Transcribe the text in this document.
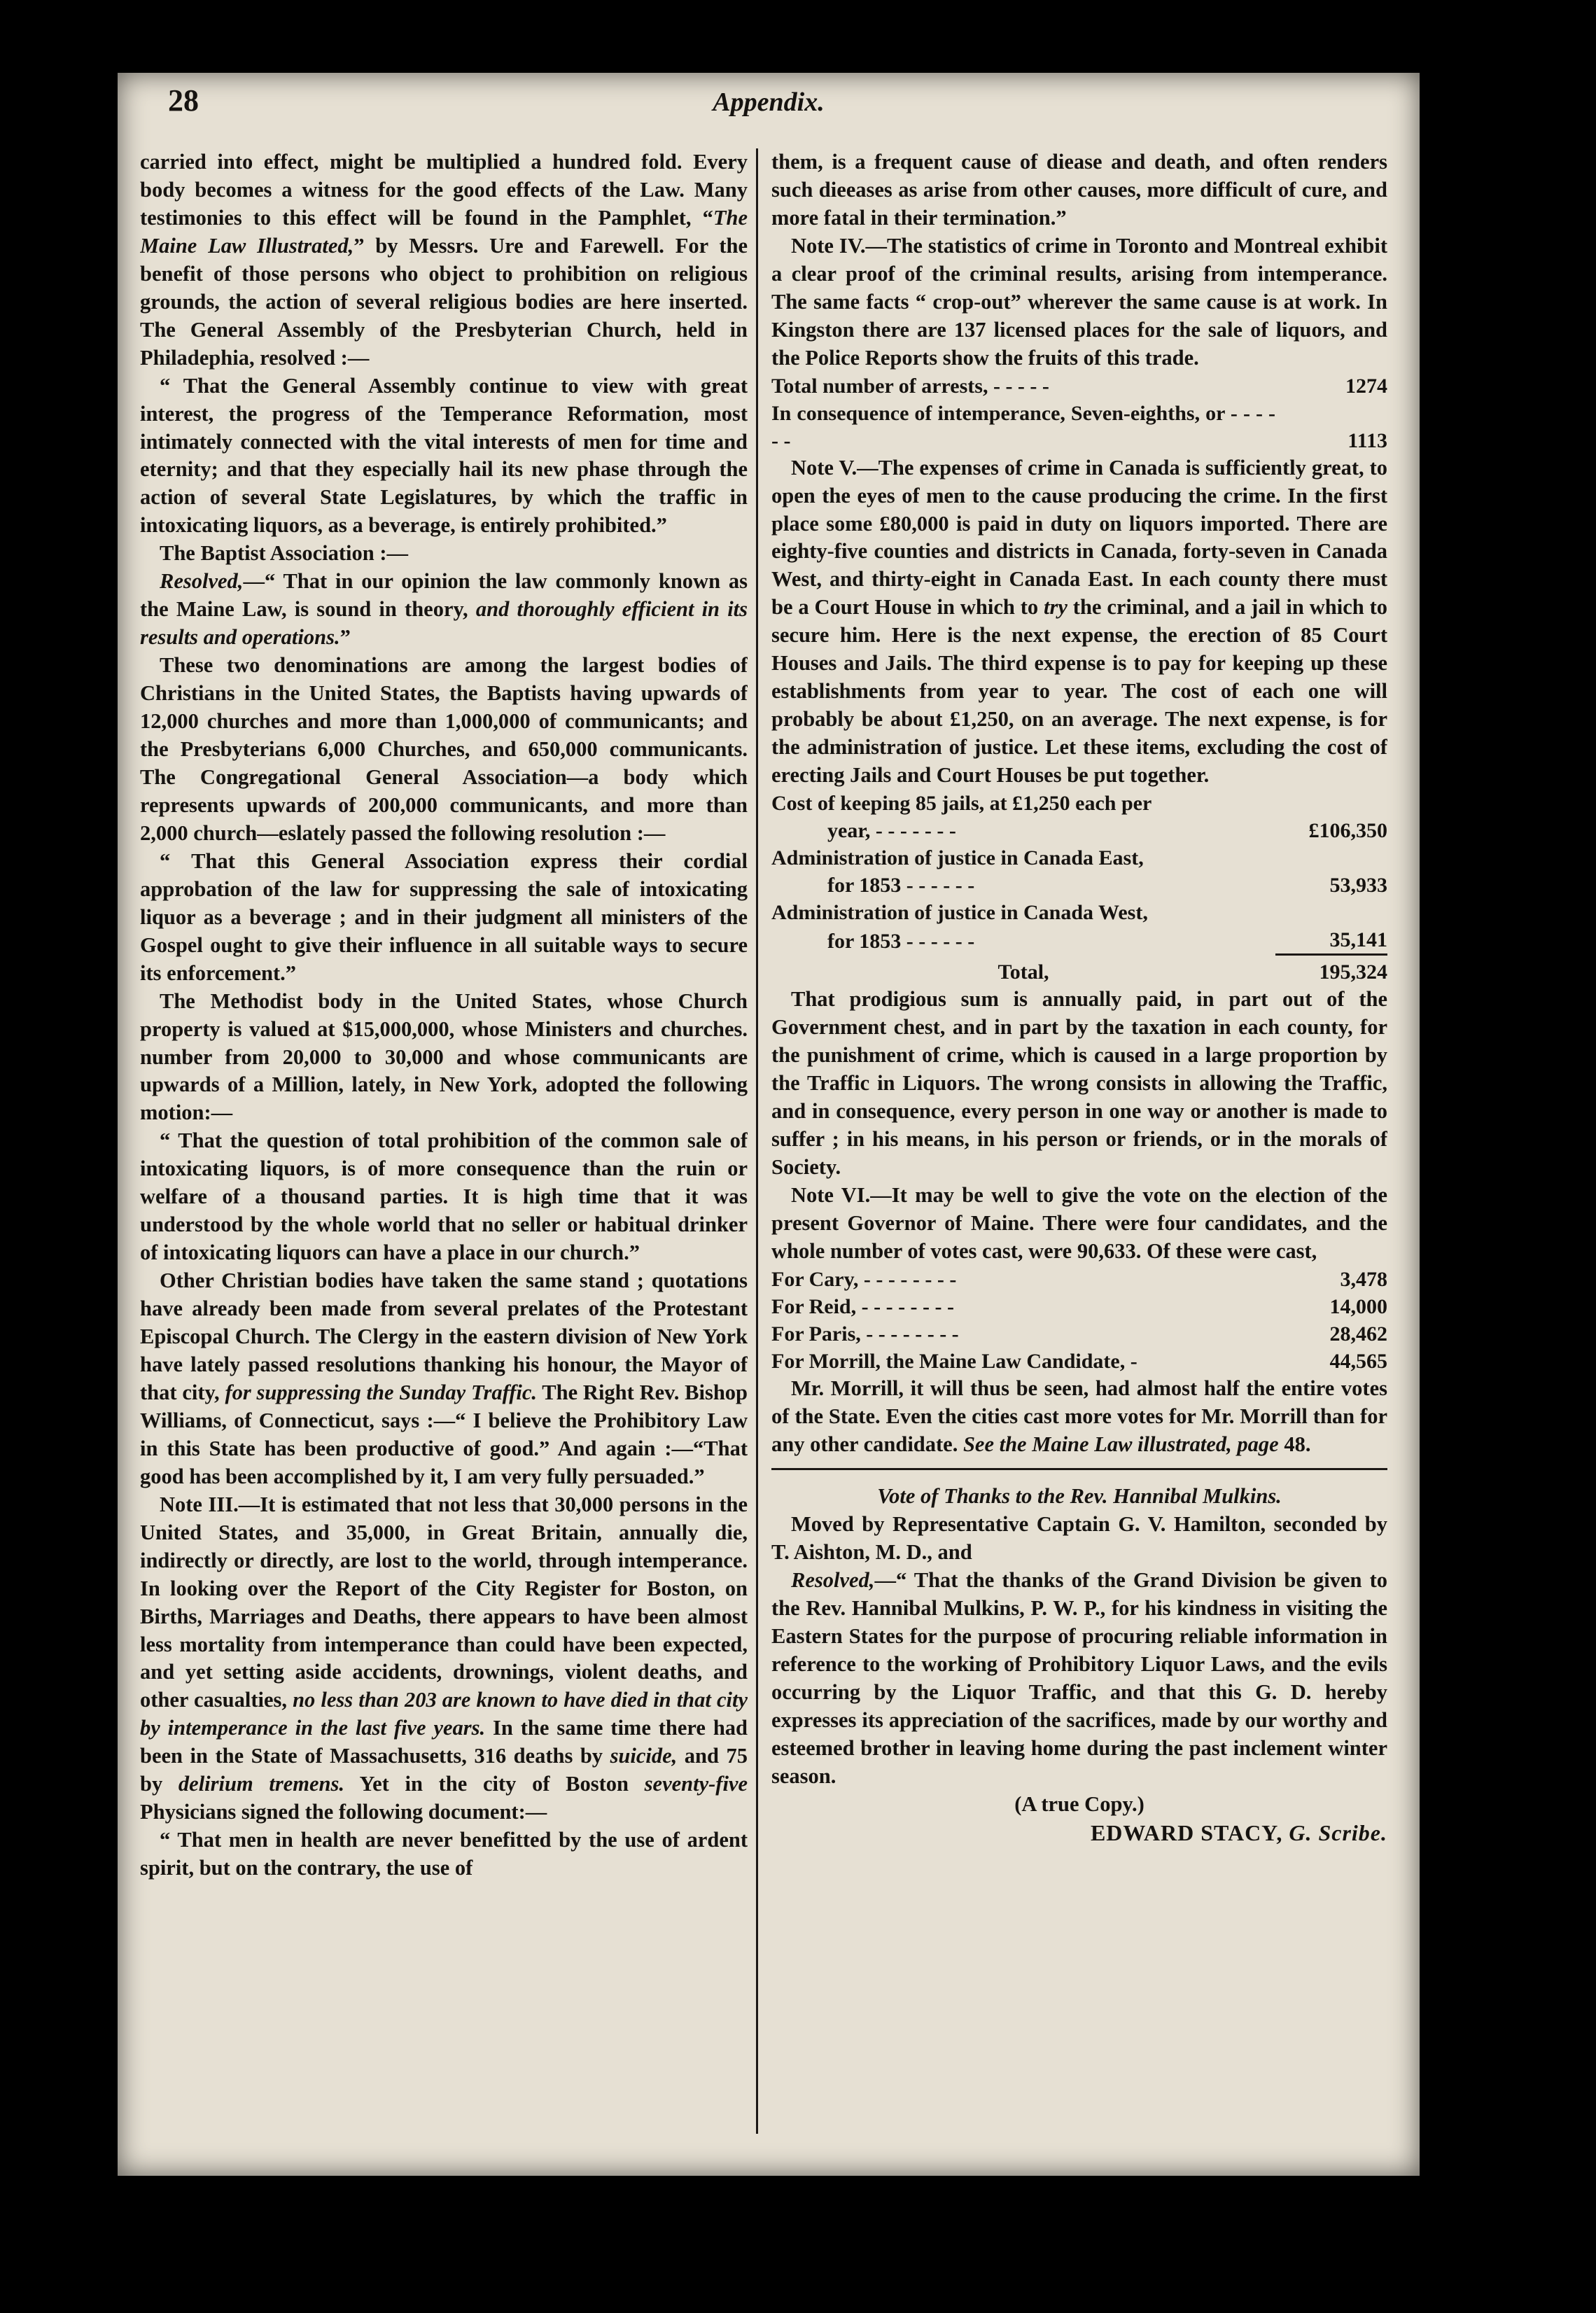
28	Appendix.

carried into effect, might be multiplied a hundred fold. Every body becomes a witness for the good effects of the Law. Many testimonies to this effect will be found in the Pamphlet, “The Maine Law Illustrated,” by Messrs. Ure and Farewell. For the benefit of those persons who object to prohibition on religious grounds, the action of several religious bodies are here inserted. The General Assembly of the Presbyterian Church, held in Philadephia, resolved :—

“ That the General Assembly continue to view with great interest, the progress of the Temperance Reformation, most intimately connected with the vital interests of men for time and eternity; and that they especially hail its new phase through the action of several State Legislatures, by which the traffic in intoxicating liquors, as a beverage, is entirely prohibited.”

The Baptist Association :—

Resolved,—“ That in our opinion the law commonly known as the Maine Law, is sound in theory, and thoroughly efficient in its results and operations.”

These two denominations are among the largest bodies of Christians in the United States, the Baptists having upwards of 12,000 churches and more than 1,000,000 of communicants; and the Presbyterians 6,000 Churches, and 650,000 communicants. The Congregational General Association—a body which represents upwards of 200,000 communicants, and more than 2,000 church—eslately passed the following resolution :—

“ That this General Association express their cordial approbation of the law for suppressing the sale of intoxicating liquor as a beverage ; and in their judgment all ministers of the Gospel ought to give their influence in all suitable ways to secure its enforcement.”

The Methodist body in the United States, whose Church property is valued at $15,000,000, whose Ministers and churches. number from 20,000 to 30,000 and whose communicants are upwards of a Million, lately, in New York, adopted the following motion:—

“ That the question of total prohibition of the common sale of intoxicating liquors, is of more consequence than the ruin or welfare of a thousand parties. It is high time that it was understood by the whole world that no seller or habitual drinker of intoxicating liquors can have a place in our church.”

Other Christian bodies have taken the same stand ; quotations have already been made from several prelates of the Protestant Episcopal Church. The Clergy in the eastern division of New York have lately passed resolutions thanking his honour, the Mayor of that city, for suppressing the Sunday Traffic. The Right Rev. Bishop Williams, of Connecticut, says :—“ I believe the Prohibitory Law in this State has been productive of good.” And again :—“That good has been accomplished by it, I am very fully persuaded.”

Note III.—It is estimated that not less that 30,000 persons in the United States, and 35,000, in Great Britain, annually die, indirectly or directly, are lost to the world, through intemperance. In looking over the Report of the City Register for Boston, on Births, Marriages and Deaths, there appears to have been almost less mortality from intemperance than could have been expected, and yet setting aside accidents, drownings, violent deaths, and other casualties, no less than 203 are known to have died in that city by intemperance in the last five years. In the same time there had been in the State of Massachusetts, 316 deaths by suicide, and 75 by delirium tremens. Yet in the city of Boston seventy-five Physicians signed the following document:—

“ That men in health are never benefitted by the use of ardent spirit, but on the contrary, the use of

them, is a frequent cause of diease and death, and often renders such dieeases as arise from other causes, more difficult of cure, and more fatal in their termination.”

Note IV.—The statistics of crime in Toronto and Montreal exhibit a clear proof of the criminal results, arising from intemperance. The same facts “ crop-out” wherever the same cause is at work. In Kingston there are 137 licensed places for the sale of liquors, and the Police Reports show the fruits of this trade.

Total number of arrests, - - - - -	1274
In consequence of intemperance, Seven-eighths, or - - - - - -	1113

Note V.—The expenses of crime in Canada is sufficiently great, to open the eyes of men to the cause producing the crime. In the first place some £80,000 is paid in duty on liquors imported. There are eighty-five counties and districts in Canada, forty-seven in Canada West, and thirty-eight in Canada East. In each county there must be a Court House in which to try the criminal, and a jail in which to secure him. Here is the next expense, the erection of 85 Court Houses and Jails. The third expense is to pay for keeping up these establishments from year to year. The cost of each one will probably be about £1,250, on an average. The next expense, is for the administration of justice. Let these items, excluding the cost of erecting Jails and Court Houses be put together.

Cost of keeping 85 jails, at £1,250 each per	
year, - - - - - - -	£106,350
Administration of justice in Canada East,	
for 1853 - - - - - -	53,933
Administration of justice in Canada West,	
for 1853 - - - - - -	35,141
Total,	195,324

That prodigious sum is annually paid, in part out of the Government chest, and in part by the taxation in each county, for the punishment of crime, which is caused in a large proportion by the Traffic in Liquors. The wrong consists in allowing the Traffic, and in consequence, every person in one way or another is made to suffer ; in his means, in his person or friends, or in the morals of Society.

Note VI.—It may be well to give the vote on the election of the present Governor of Maine. There were four candidates, and the whole number of votes cast, were 90,633. Of these were cast,

For Cary, - - - - - - - -	3,478
For Reid, - - - - - - - -	14,000
For Paris, - - - - - - - -	28,462
For Morrill, the Maine Law Candidate, -	44,565

Mr. Morrill, it will thus be seen, had almost half the entire votes of the State. Even the cities cast more votes for Mr. Morrill than for any other candidate. See the Maine Law illustrated, page 48.

Vote of Thanks to the Rev. Hannibal Mulkins.

Moved by Representative Captain G. V. Hamilton, seconded by T. Aishton, M. D., and

Resolved,—“ That the thanks of the Grand Division be given to the Rev. Hannibal Mulkins, P. W. P., for his kindness in visiting the Eastern States for the purpose of procuring reliable information in reference to the working of Prohibitory Liquor Laws, and the evils occurring by the Liquor Traffic, and that this G. D. hereby expresses its appreciation of the sacrifices, made by our worthy and esteemed brother in leaving home during the past inclement winter season.

(A true Copy.)

EDWARD STACY, G. Scribe.
